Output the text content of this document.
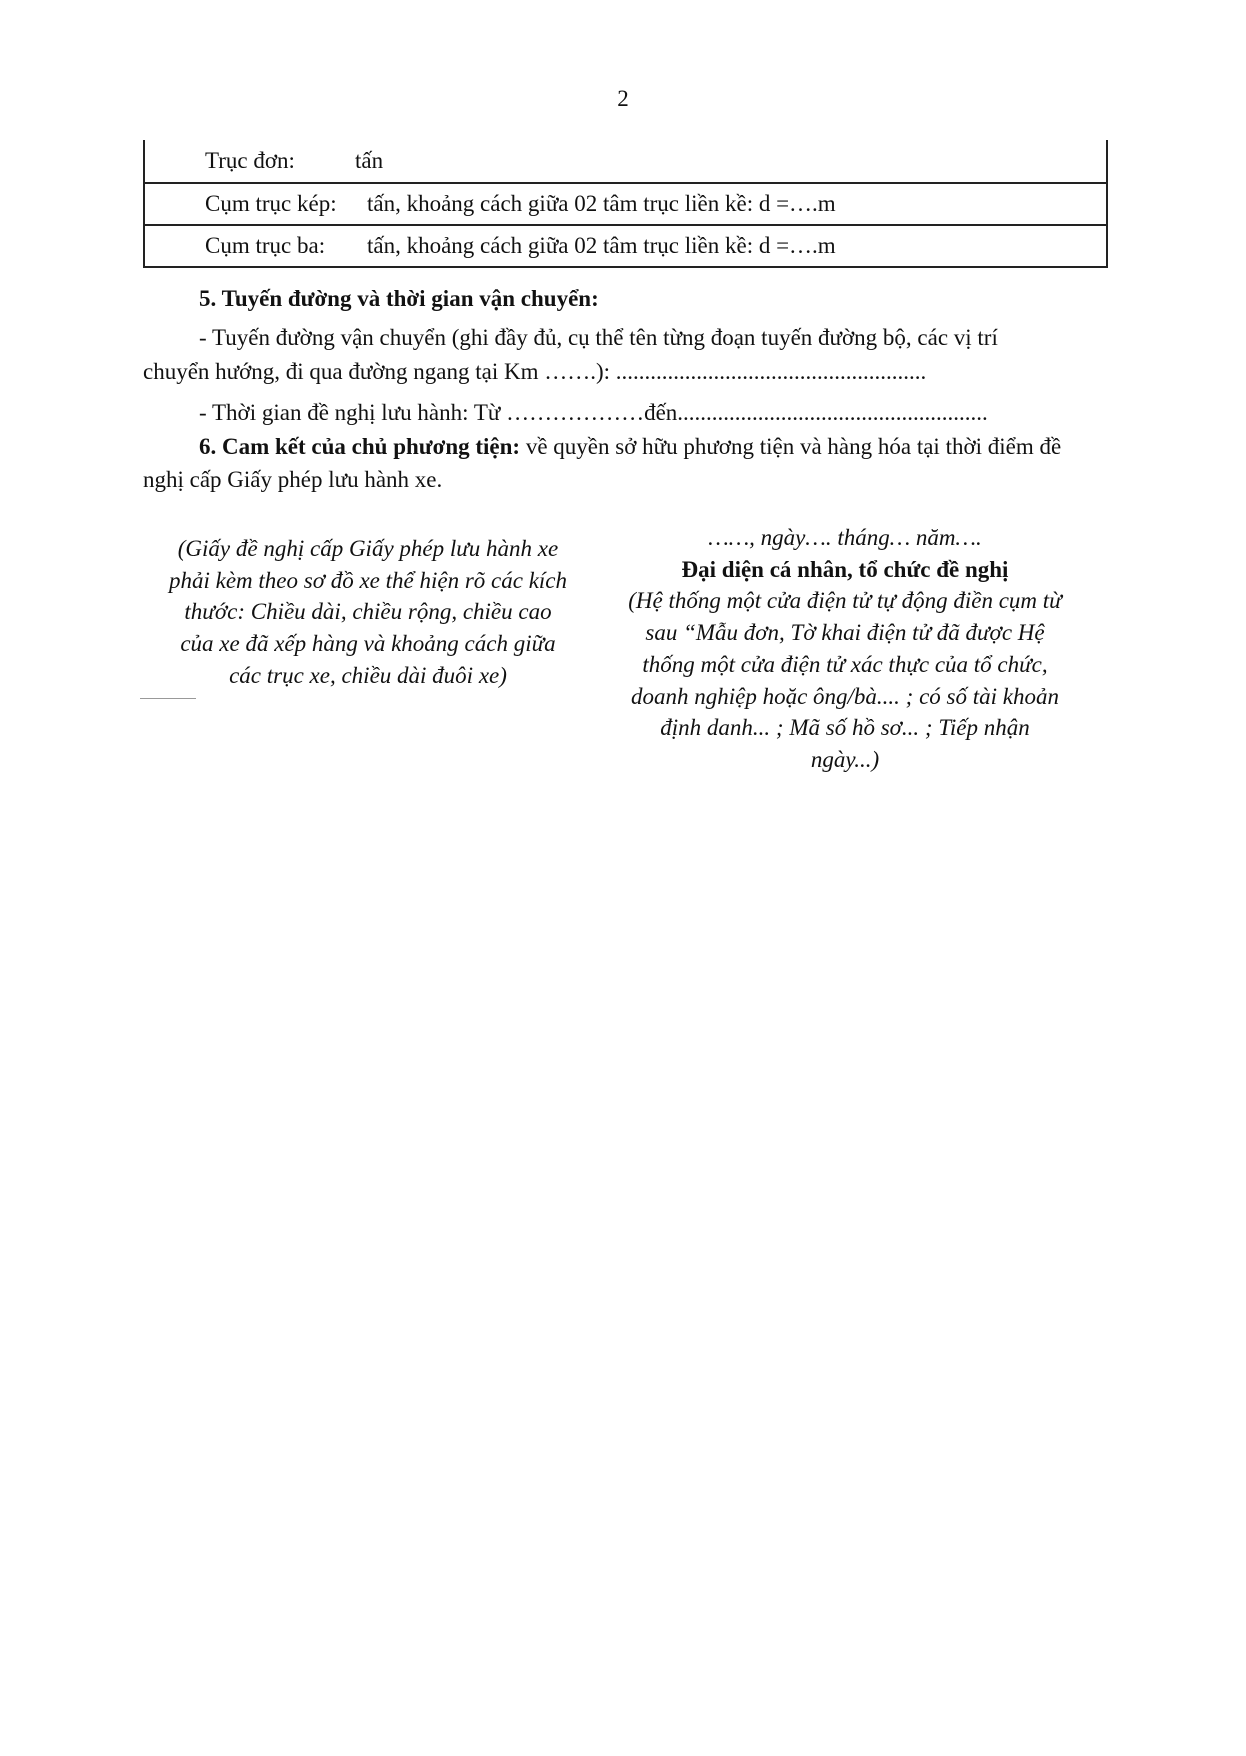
2
Trục đơn:	tấn
Cụm trục kép:	tấn, khoảng cách giữa 02 tâm trục liền kề: d =….m
Cụm trục ba:	tấn, khoảng cách giữa 02 tâm trục liền kề: d =….m
5. Tuyến đường và thời gian vận chuyển:
- Tuyến đường vận chuyển (ghi đầy đủ, cụ thể tên từng đoạn tuyến đường bộ, các vị trí
chuyển hướng, đi qua đường ngang tại Km …….): ......................................................
- Thời gian đề nghị lưu hành: Từ ………………đến......................................................
6. Cam kết của chủ phương tiện: về quyền sở hữu phương tiện và hàng hóa tại thời điểm đề
nghị cấp Giấy phép lưu hành xe.
(Giấy đề nghị cấp Giấy phép lưu hành xe
phải kèm theo sơ đồ xe thể hiện rõ các kích
thước: Chiều dài, chiều rộng, chiều cao
của xe đã xếp hàng và khoảng cách giữa
các trục xe, chiều dài đuôi xe)
……, ngày…. tháng… năm….
Đại diện cá nhân, tổ chức đề nghị
(Hệ thống một cửa điện tử tự động điền cụm từ
sau “Mẫu đơn, Tờ khai điện tử đã được Hệ
thống một cửa điện tử xác thực của tổ chức,
doanh nghiệp hoặc ông/bà.... ; có số tài khoản
định danh... ; Mã số hồ sơ... ; Tiếp nhận
ngày...)
